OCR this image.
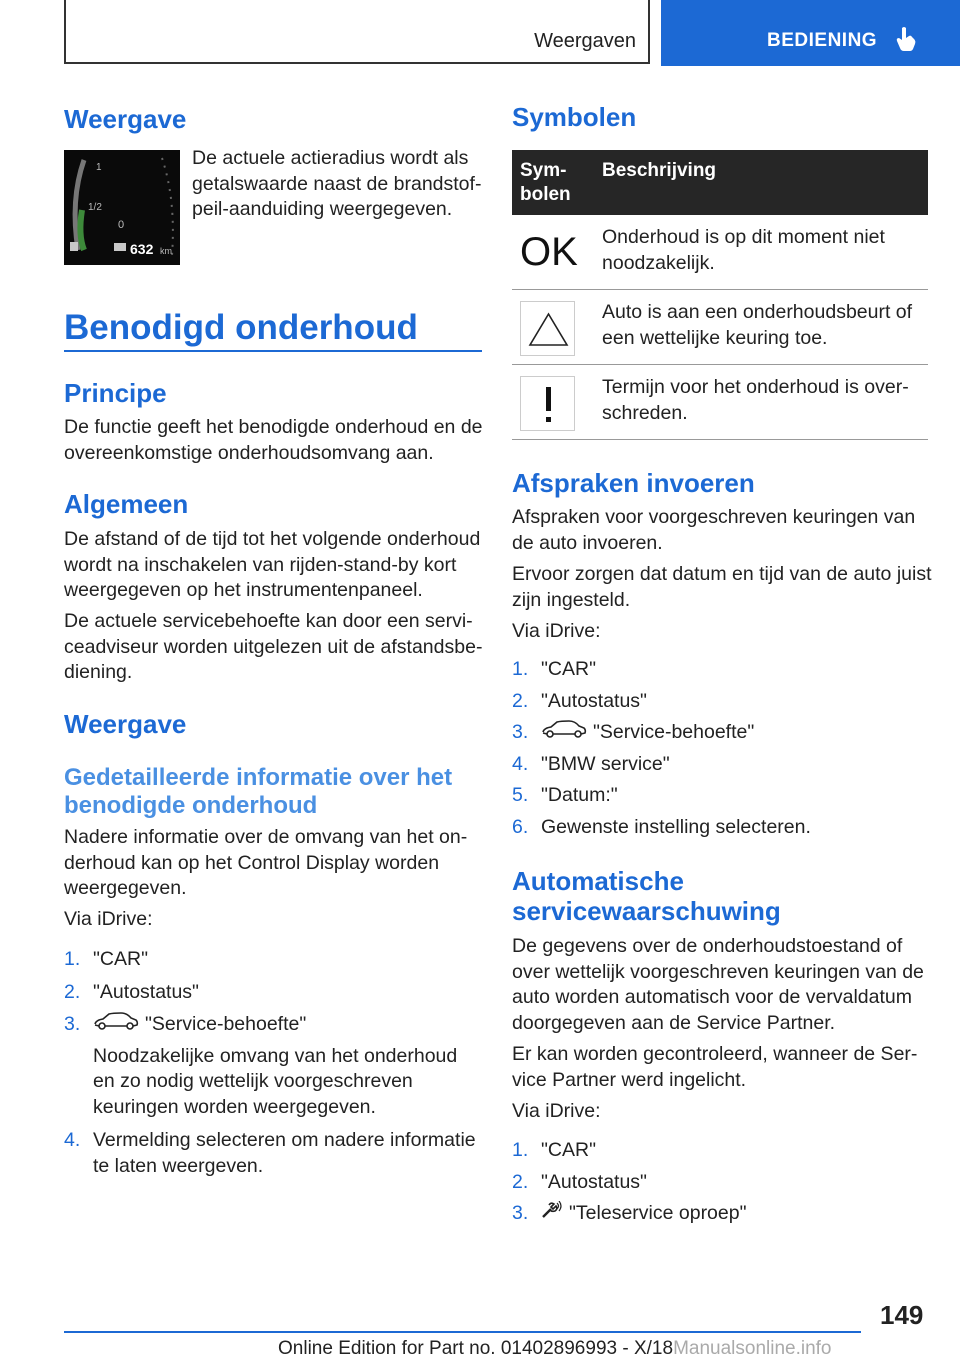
Weergaven	BEDIENING
Weergave
1
1/2
0
632 km

De actuele actieradius wordt als getalswaarde naast de brandstof-peil-aanduiding weergegeven.

Benodigd onderhoud
Principe

De functie geeft het benodigde onderhoud en de overeenkomstige onderhoudsomvang aan.

Algemeen

De afstand of de tijd tot het volgende onderhoud wordt na inschakelen van rijden-stand-by kort weergegeven op het instrumentenpaneel.

De actuele servicebehoefte kan door een servi-ceadviseur worden uitgelezen uit de afstandsbe-diening.

Weergave
Gedetailleerde informatie over het benodigde onderhoud

Nadere informatie over de omvang van het on-derhoud kan op het Control Display worden weergegeven.

Via iDrive:

1. "CAR"
2. "Autostatus"
3.	"Service-behoefte"
Noodzakelijke omvang van het onderhoud en zo nodig wettelijk voorgeschreven keuringen worden weergegeven.
4. Vermelding selecteren om nadere informatie te laten weergeven.
Symbolen
Sym-bolen
Beschrijving
OK Onderhoud is op dit moment niet noodzakelijk.
Auto is aan een onderhoudsbeurt of een wettelijke keuring toe.
Termijn voor het onderhoud is over-schreden.
Afspraken invoeren

Afspraken voor voorgeschreven keuringen van de auto invoeren.

Ervoor zorgen dat datum en tijd van de auto juist zijn ingesteld.

Via iDrive:

1. "CAR"
2. "Autostatus"
3.	"Service-behoefte"
4. "BMW service"
5. "Datum:"
6. Gewenste instelling selecteren.
Automatische servicewaarschuwing

De gegevens over de onderhoudstoestand of over wettelijk voorgeschreven keuringen van de auto worden automatisch voor de vervaldatum doorgegeven aan de Service Partner.

Er kan worden gecontroleerd, wanneer de Ser-vice Partner werd ingelicht.

Via iDrive:

1. "CAR"
2. "Autostatus"
3. "Teleservice oproep"
149
Online Edition for Part no. 01402896993 - X/18Manualsonline.info
